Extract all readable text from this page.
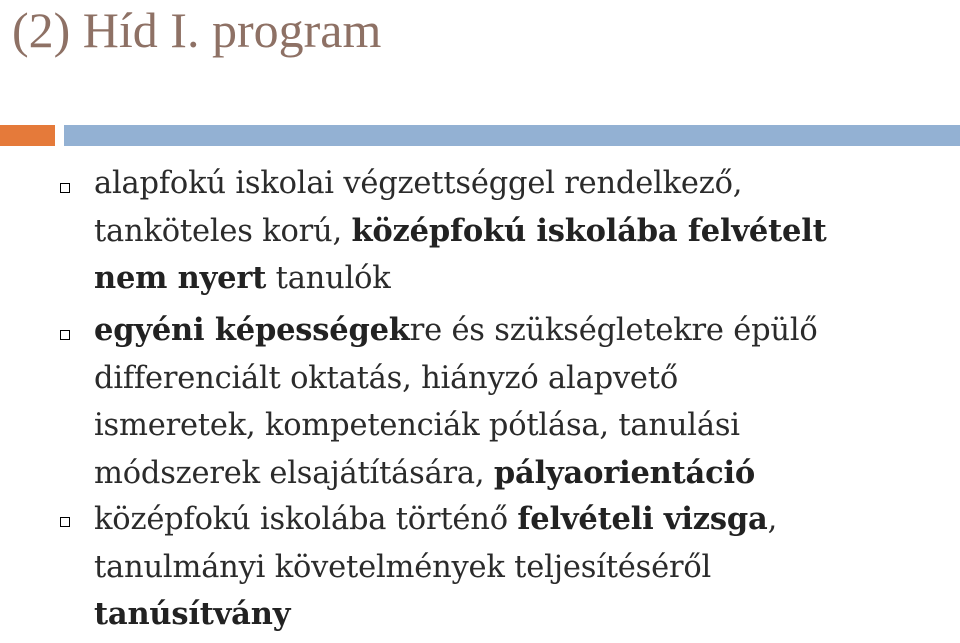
(2) Híd I. program
alapfokú iskolai végzettséggel rendelkező,
tanköteles korú, középfokú iskolába felvételt
nem nyert tanulók
egyéni képességekre és szükségletekre épülő
differenciált oktatás, hiányzó alapvető
ismeretek, kompetenciák pótlása, tanulási
módszerek elsajátítására, pályaorientáció
középfokú iskolába történő felvételi vizsga,
tanulmányi követelmények teljesítéséről
tanúsítvány
